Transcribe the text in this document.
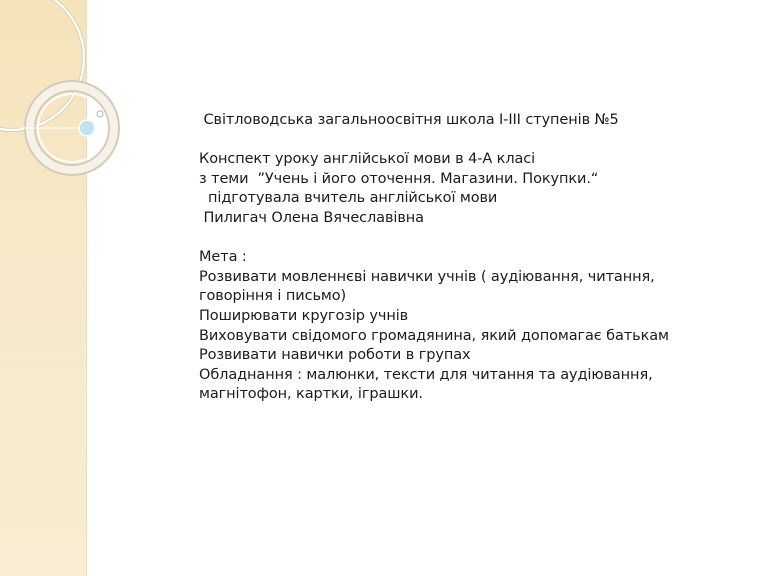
Світловодська загальноосвітня школа І-ІІІ ступенів №5
Конспект уроку англійської мови в 4-А класі
з теми  ”Учень і його оточення. Магазини. Покупки.“
підготувала вчитель англійської мови
Пилигач Олена Вячеславівна
Мета :
Розвивати мовленнєві навички учнів ( аудіювання, читання,
говоріння і письмо)
Поширювати кругозір учнів
Виховувати свідомого громадянина, який допомагає батькам
Розвивати навички роботи в групах
Обладнання : малюнки, тексти для читання та аудіювання,
магнітофон, картки, іграшки.
